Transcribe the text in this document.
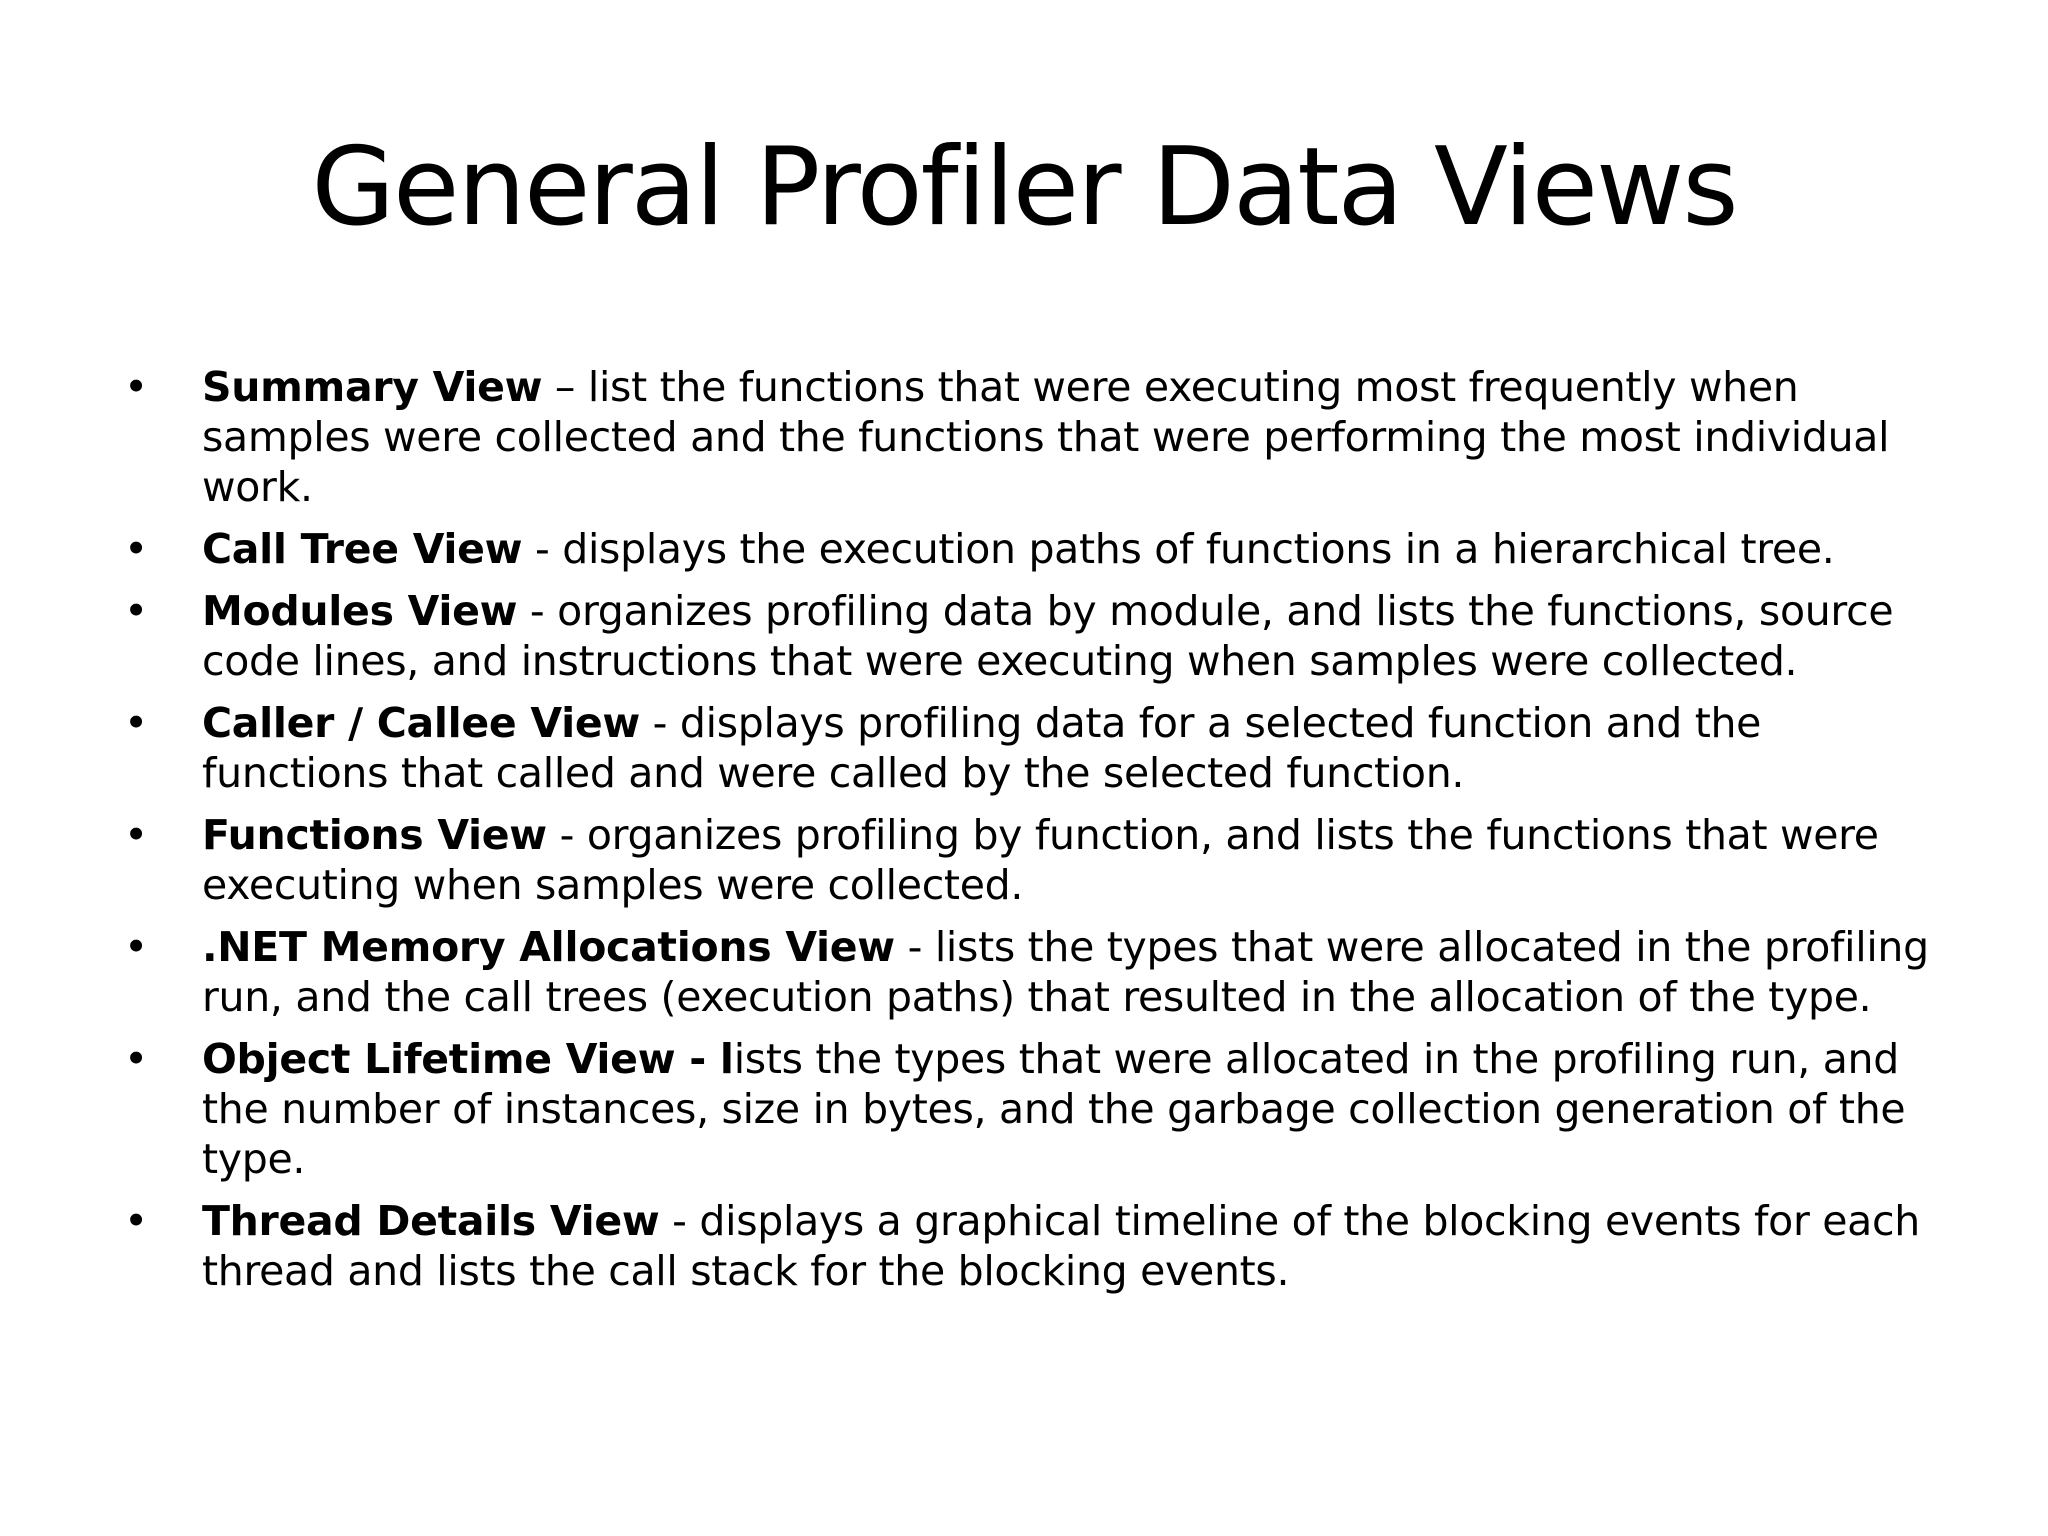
General Profiler Data Views
• Summary View – list the functions that were executing most frequently when samples were collected and the functions that were performing the most individual work.
• Call Tree View - displays the execution paths of functions in a hierarchical tree.
• Modules View - organizes profiling data by module, and lists the functions, source code lines, and instructions that were executing when samples were collected.
• Caller / Callee View - displays profiling data for a selected function and the functions that called and were called by the selected function.
• Functions View - organizes profiling by function, and lists the functions that were executing when samples were collected.
• .NET Memory Allocations View - lists the types that were allocated in the profiling run, and the call trees (execution paths) that resulted in the allocation of the type.
• Object Lifetime View - lists the types that were allocated in the profiling run, and the number of instances, size in bytes, and the garbage collection generation of the type.
• Thread Details View - displays a graphical timeline of the blocking events for each thread and lists the call stack for the blocking events.
